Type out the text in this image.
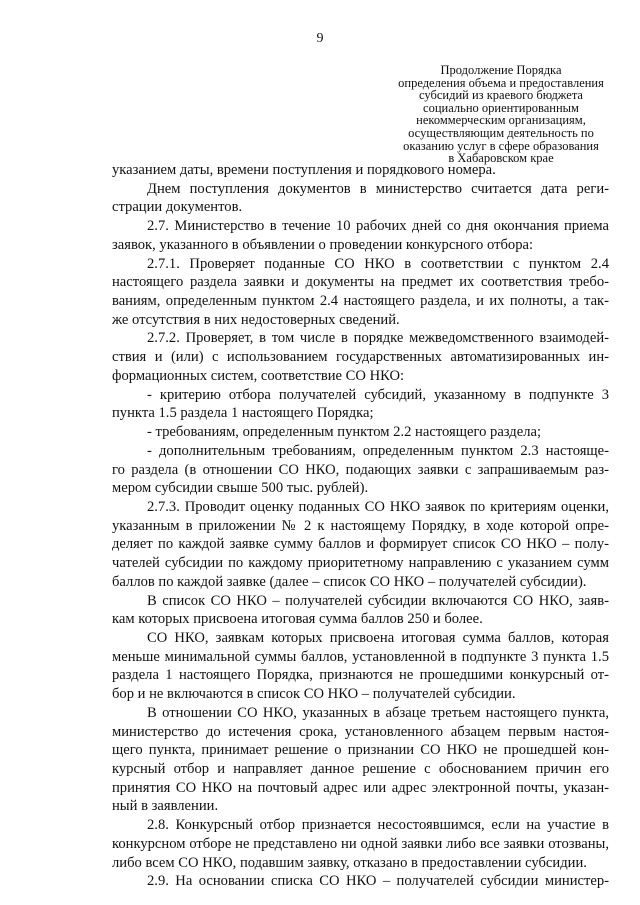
9
Продолжение Порядка
определения объема и предоставления
субсидий из краевого бюджета
социально ориентированным
некоммерческим организациям,
осуществляющим деятельность по
оказанию услуг в сфере образования
в Хабаровском крае
указанием даты, времени поступления и порядкового номера.
Днем поступления документов в министерство считается дата реги-
страции документов.
2.7. Министерство в течение 10 рабочих дней со дня окончания приема
заявок, указанного в объявлении о проведении конкурсного отбора:
2.7.1. Проверяет поданные СО НКО в соответствии с пунктом 2.4
настоящего раздела заявки и документы на предмет их соответствия требо-
ваниям, определенным пунктом 2.4 настоящего раздела, и их полноты, а так-
же отсутствия в них недостоверных сведений.
2.7.2. Проверяет, в том числе в порядке межведомственного взаимодей-
ствия и (или) с использованием государственных автоматизированных ин-
формационных систем, соответствие СО НКО:
- критерию отбора получателей субсидий, указанному в подпункте 3
пункта 1.5 раздела 1 настоящего Порядка;
- требованиям, определенным пунктом 2.2 настоящего раздела;
- дополнительным требованиям, определенным пунктом 2.3 настояще-
го раздела (в отношении СО НКО, подающих заявки с запрашиваемым раз-
мером субсидии свыше 500 тыс. рублей).
2.7.3. Проводит оценку поданных СО НКО заявок по критериям оценки,
указанным в приложении № 2 к настоящему Порядку, в ходе которой опре-
деляет по каждой заявке сумму баллов и формирует список СО НКО – полу-
чателей субсидии по каждому приоритетному направлению с указанием сумм
баллов по каждой заявке (далее – список СО НКО – получателей субсидии).
В список СО НКО – получателей субсидии включаются СО НКО, заяв-
кам которых присвоена итоговая сумма баллов 250 и более.
СО НКО, заявкам которых присвоена итоговая сумма баллов, которая
меньше минимальной суммы баллов, установленной в подпункте 3 пункта 1.5
раздела 1 настоящего Порядка, признаются не прошедшими конкурсный от-
бор и не включаются в список СО НКО – получателей субсидии.
В отношении СО НКО, указанных в абзаце третьем настоящего пункта,
министерство до истечения срока, установленного абзацем первым настоя-
щего пункта, принимает решение о признании СО НКО не прошедшей кон-
курсный отбор и направляет данное решение с обоснованием причин его
принятия СО НКО на почтовый адрес или адрес электронной почты, указан-
ный в заявлении.
2.8. Конкурсный отбор признается несостоявшимся, если на участие в
конкурсном отборе не представлено ни одной заявки либо все заявки отозваны,
либо всем СО НКО, подавшим заявку, отказано в предоставлении субсидии.
2.9. На основании списка СО НКО – получателей субсидии министер-
